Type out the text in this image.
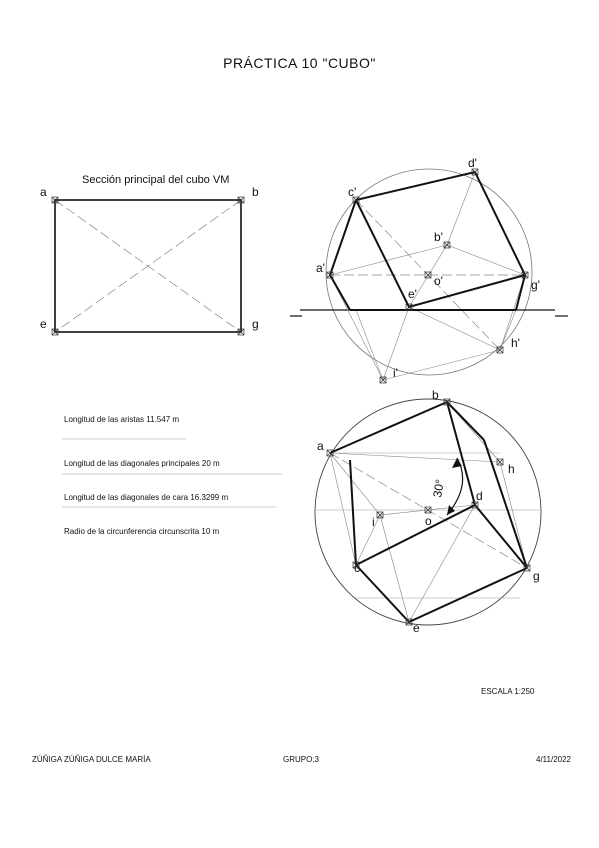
PRÁCTICA 10 "CUBO"
Sección principal del cubo VM
Longitud de las aristas 11.547 m
Longitud de las diagonales principales 20 m
Longitud de las diagonales de cara 16.3299 m
Radio de la circunferencia circunscrita 10 m
ESCALA 1:250
ZÚÑIGA ZÚÑIGA DULCE MARÍA	GRUPO:3	4/11/2022
a	b
e	g
a'
c'
d'
b'
o'
e'
g'
h'
i'
a
b
h
d
o
i
c
g
e
30°
